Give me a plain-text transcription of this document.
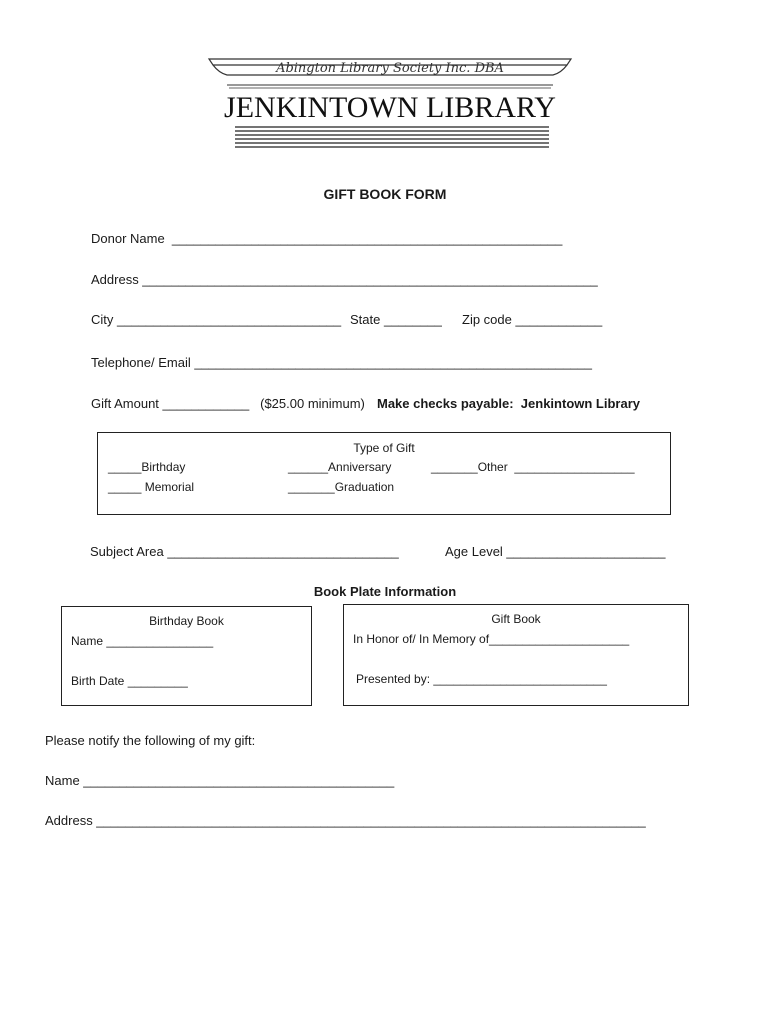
Abington Library Society Inc. DBA
JENKINTOWN LIBRARY
GIFT BOOK FORM
Donor Name  ______________________________________________________
Address _______________________________________________________________
City _______________________________ State ________ Zip code ____________
Telephone/ Email _______________________________________________________
Gift Amount ____________   ($25.00 minimum) Make checks payable:  Jenkintown Library
Type of Gift
_____Birthday	______Anniversary	_______Other  __________________
_____ Memorial	_______Graduation
Subject Area ________________________________	Age Level ______________________
Book Plate Information
Birthday Book
Name ________________
Birth Date _________
Gift Book
In Honor of/ In Memory of_____________________
Presented by: __________________________
Please notify the following of my gift:
Name ___________________________________________
Address ____________________________________________________________________________
